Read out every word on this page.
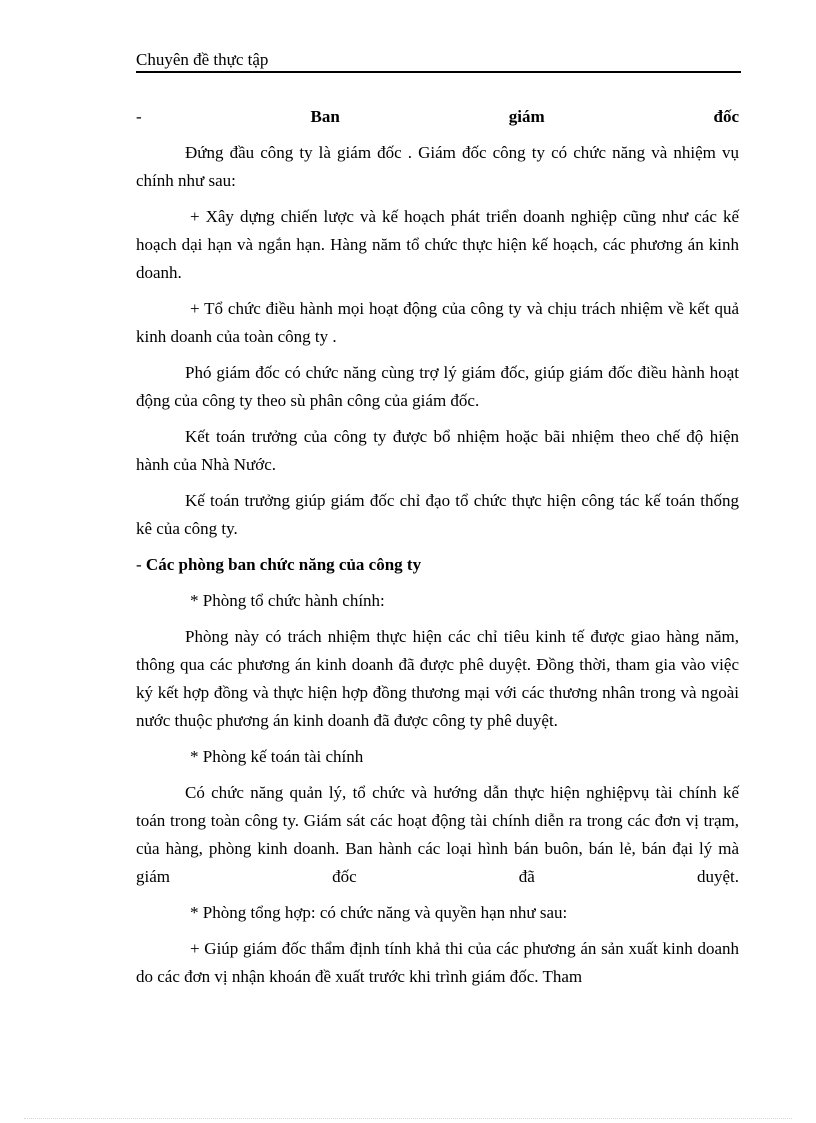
Chuyên đề thực tập
-	Ban	giám	đốc

Đứng đầu công ty là giám đốc . Giám đốc công ty có chức năng và nhiệm vụ chính như sau:

+ Xây dựng chiến lược và kế hoạch phát triển doanh nghiệp cũng như các kế hoạch dại hạn và ngắn hạn. Hàng năm tổ chức thực hiện kế hoạch, các phương án kinh doanh.

+ Tổ chức điều hành mọi hoạt động của công ty và chịu trách nhiệm về kết quả kinh doanh của toàn công ty .

Phó giám đốc có chức năng cùng trợ lý giám đốc, giúp giám đốc điều hành hoạt động của công ty theo sù phân công của giám đốc.

Kết toán trưởng của công ty được bổ nhiệm hoặc bãi nhiệm theo chế độ hiện hành của Nhà Nước.

Kế toán trưởng giúp giám đốc chỉ đạo tổ chức thực hiện công tác kế toán thống kê của công ty.

- Các phòng ban chức năng của công ty

* Phòng tổ chức hành chính:

Phòng này có trách nhiệm thực hiện các chỉ tiêu kinh tế được giao hàng năm, thông qua các phương án kinh doanh đã được phê duyệt. Đồng thời, tham gia vào việc ký kết hợp đồng và thực hiện hợp đồng thương mại với các thương nhân trong và ngoài nước thuộc phương án kinh doanh đã được công ty phê duyệt.

* Phòng kế toán tài chính

Có chức năng quản lý, tổ chức và hướng dẫn thực hiện nghiệpvụ tài chính kế toán trong toàn công ty. Giám sát các hoạt động tài chính diễn ra trong các đơn vị trạm, của hàng, phòng kinh doanh. Ban hành các loại hình bán buôn, bán lẻ, bán đại lý mà giám đốc đã duyệt.

* Phòng tổng hợp: có chức năng và quyền hạn như sau:

+ Giúp giám đốc thẩm định tính khả thi của các phương án sản xuất kinh doanh do các đơn vị nhận khoán đề xuất trước khi trình giám đốc. Tham
